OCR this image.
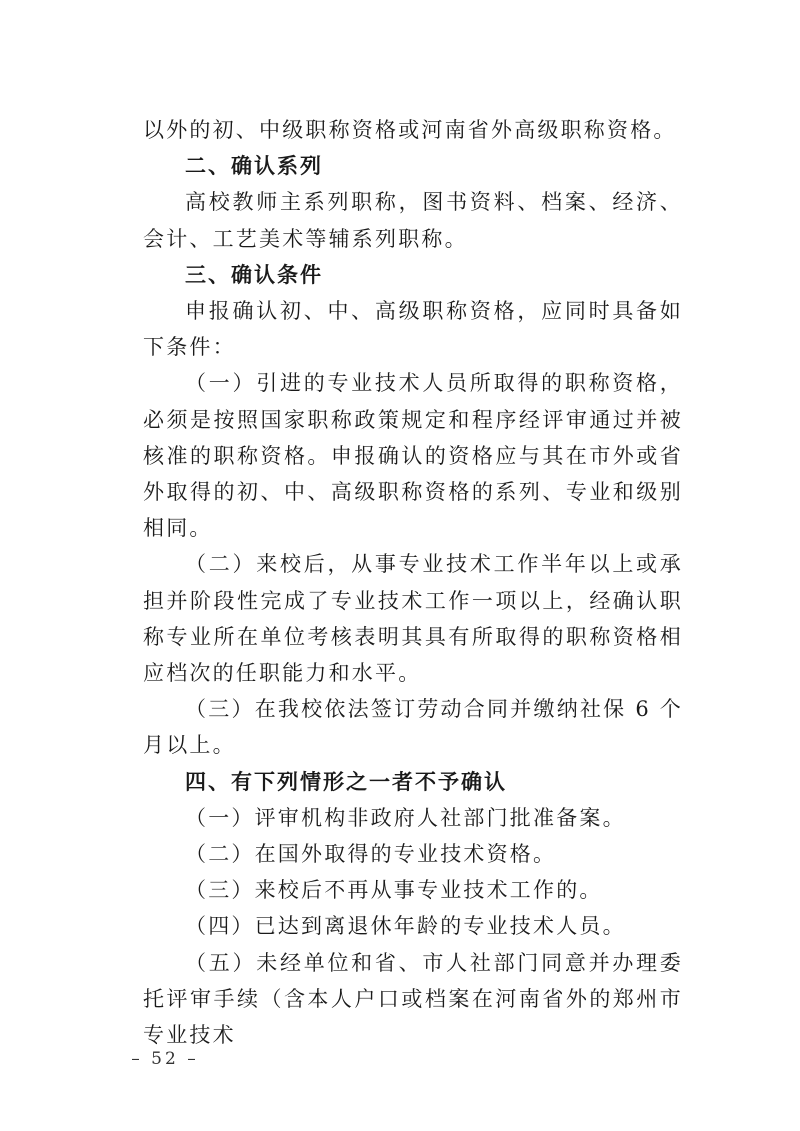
以外的初、中级职称资格或河南省外高级职称资格。

二、确认系列

高校教师主系列职称，图书资料、档案、经济、会计、工艺美术等辅系列职称。

三、确认条件

申报确认初、中、高级职称资格，应同时具备如下条件：

（一）引进的专业技术人员所取得的职称资格，必须是按照国家职称政策规定和程序经评审通过并被核准的职称资格。申报确认的资格应与其在市外或省外取得的初、中、高级职称资格的系列、专业和级别相同。

（二）来校后，从事专业技术工作半年以上或承担并阶段性完成了专业技术工作一项以上，经确认职称专业所在单位考核表明其具有所取得的职称资格相应档次的任职能力和水平。

（三）在我校依法签订劳动合同并缴纳社保 6 个月以上。

四、有下列情形之一者不予确认

（一）评审机构非政府人社部门批准备案。

（二）在国外取得的专业技术资格。

（三）来校后不再从事专业技术工作的。

（四）已达到离退休年龄的专业技术人员。

（五）未经单位和省、市人社部门同意并办理委托评审手续（含本人户口或档案在河南省外的郑州市专业技术

– 52 –
